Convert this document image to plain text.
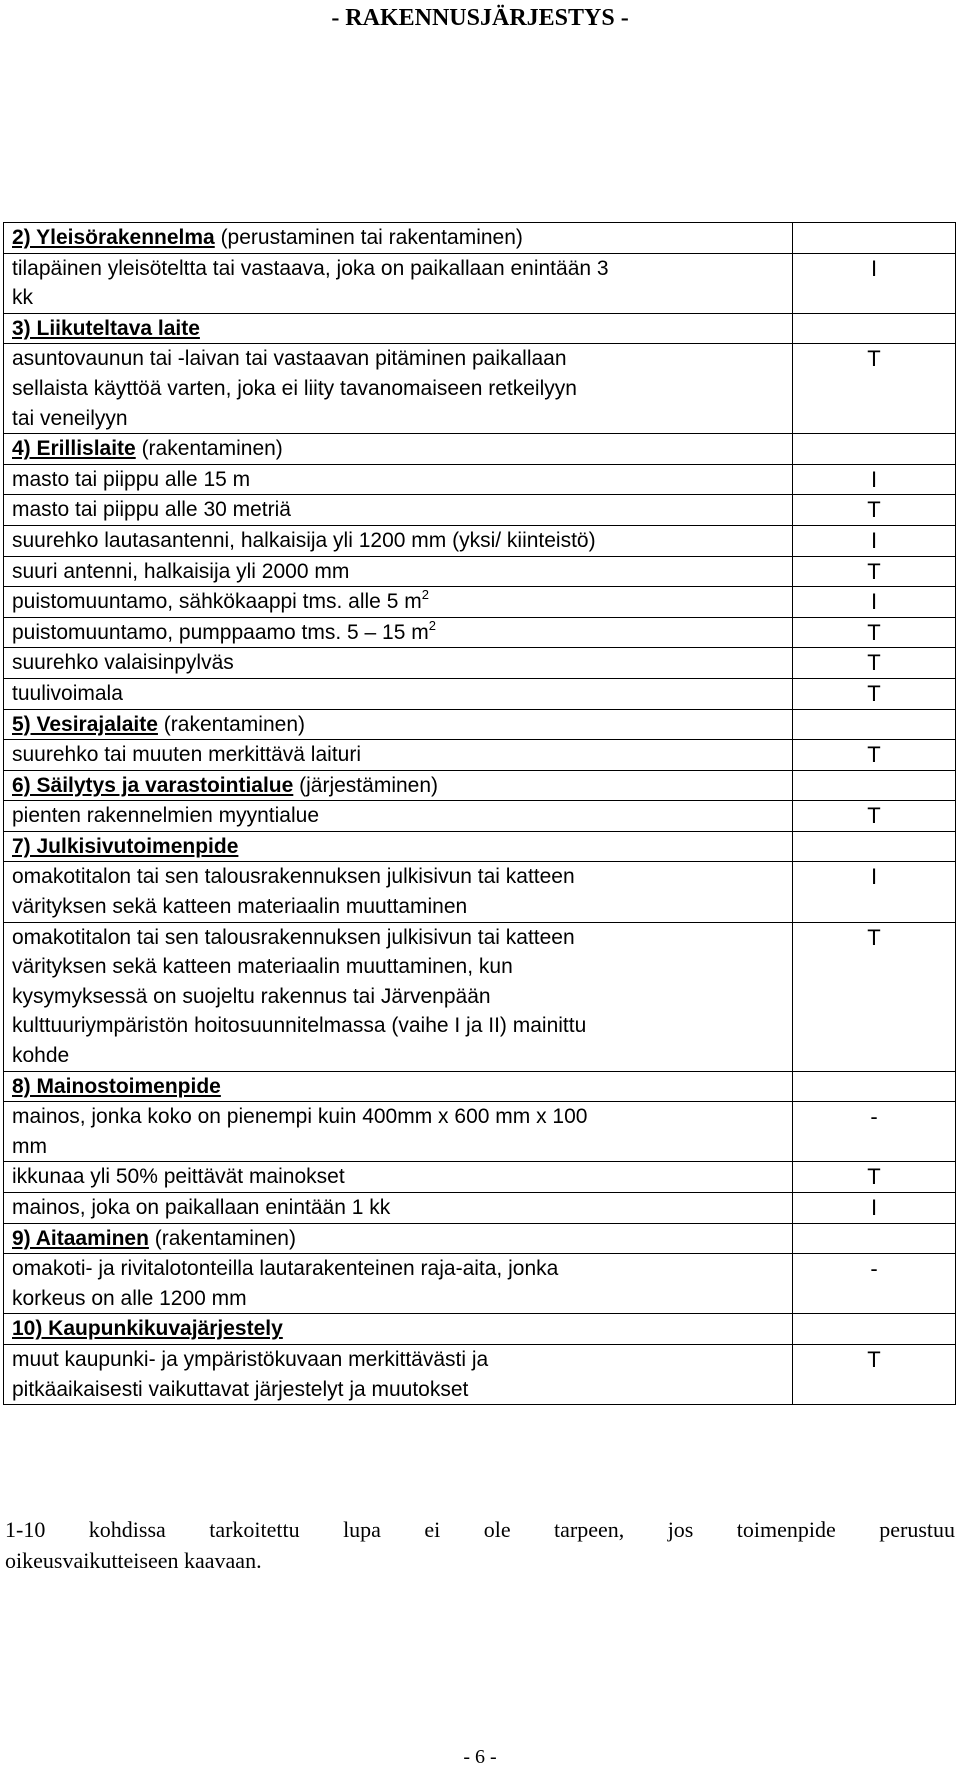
- RAKENNUSJÄRJESTYS -
2) Yleisörakennelma (perustaminen tai rakentaminen)	

tilapäinen yleisöteltta tai vastaava, joka on paikallaan enintään 3
kk	I

3) Liikuteltava laite	

asuntovaunun tai -laivan tai vastaavan pitäminen paikallaan
sellaista käyttöä varten, joka ei liity tavanomaiseen retkeilyyn
tai veneilyyn	T

4) Erillislaite (rakentaminen)	

masto tai piippu alle 15 m	I

masto tai piippu alle 30 metriä	T

suurehko lautasantenni, halkaisija yli 1200 mm (yksi/ kiinteistö)	I

suuri antenni, halkaisija yli 2000 mm	T

puistomuuntamo, sähkökaappi tms. alle 5 $m^2$	I

puistomuuntamo, pumppaamo tms. 5 – 15 $m^2$	T

suurehko valaisinpylväs	T

tuulivoimala	T

5) Vesirajalaite (rakentaminen)	

suurehko tai muuten merkittävä laituri	T

6) Säilytys ja varastointialue (järjestäminen)	

pienten rakennelmien myyntialue	T

7) Julkisivutoimenpide	

omakotitalon tai sen talousrakennuksen julkisivun tai katteen
värityksen sekä katteen materiaalin muuttaminen	I

omakotitalon tai sen talousrakennuksen julkisivun tai katteen
värityksen sekä katteen materiaalin muuttaminen, kun
kysymyksessä on suojeltu rakennus tai Järvenpään
kulttuuriympäristön hoitosuunnitelmassa (vaihe I ja II) mainittu
kohde	T

8) Mainostoimenpide	

mainos, jonka koko on pienempi kuin 400mm x 600 mm x 100
mm	-

ikkunaa yli 50% peittävät mainokset	T

mainos, joka on paikallaan enintään 1 kk	I

9) Aitaaminen (rakentaminen)	

omakoti- ja rivitalotonteilla lautarakenteinen raja-aita, jonka
korkeus on alle 1200 mm	-

10) Kaupunkikuvajärjestely	

muut kaupunki- ja ympäristökuvaan merkittävästi ja
pitkäaikaisesti vaikuttavat järjestelyt ja muutokset	T
1-10 kohdissa tarkoitettu lupa ei ole tarpeen, jos toimenpide perustuu
oikeusvaikutteiseen kaavaan.
- 6 -
